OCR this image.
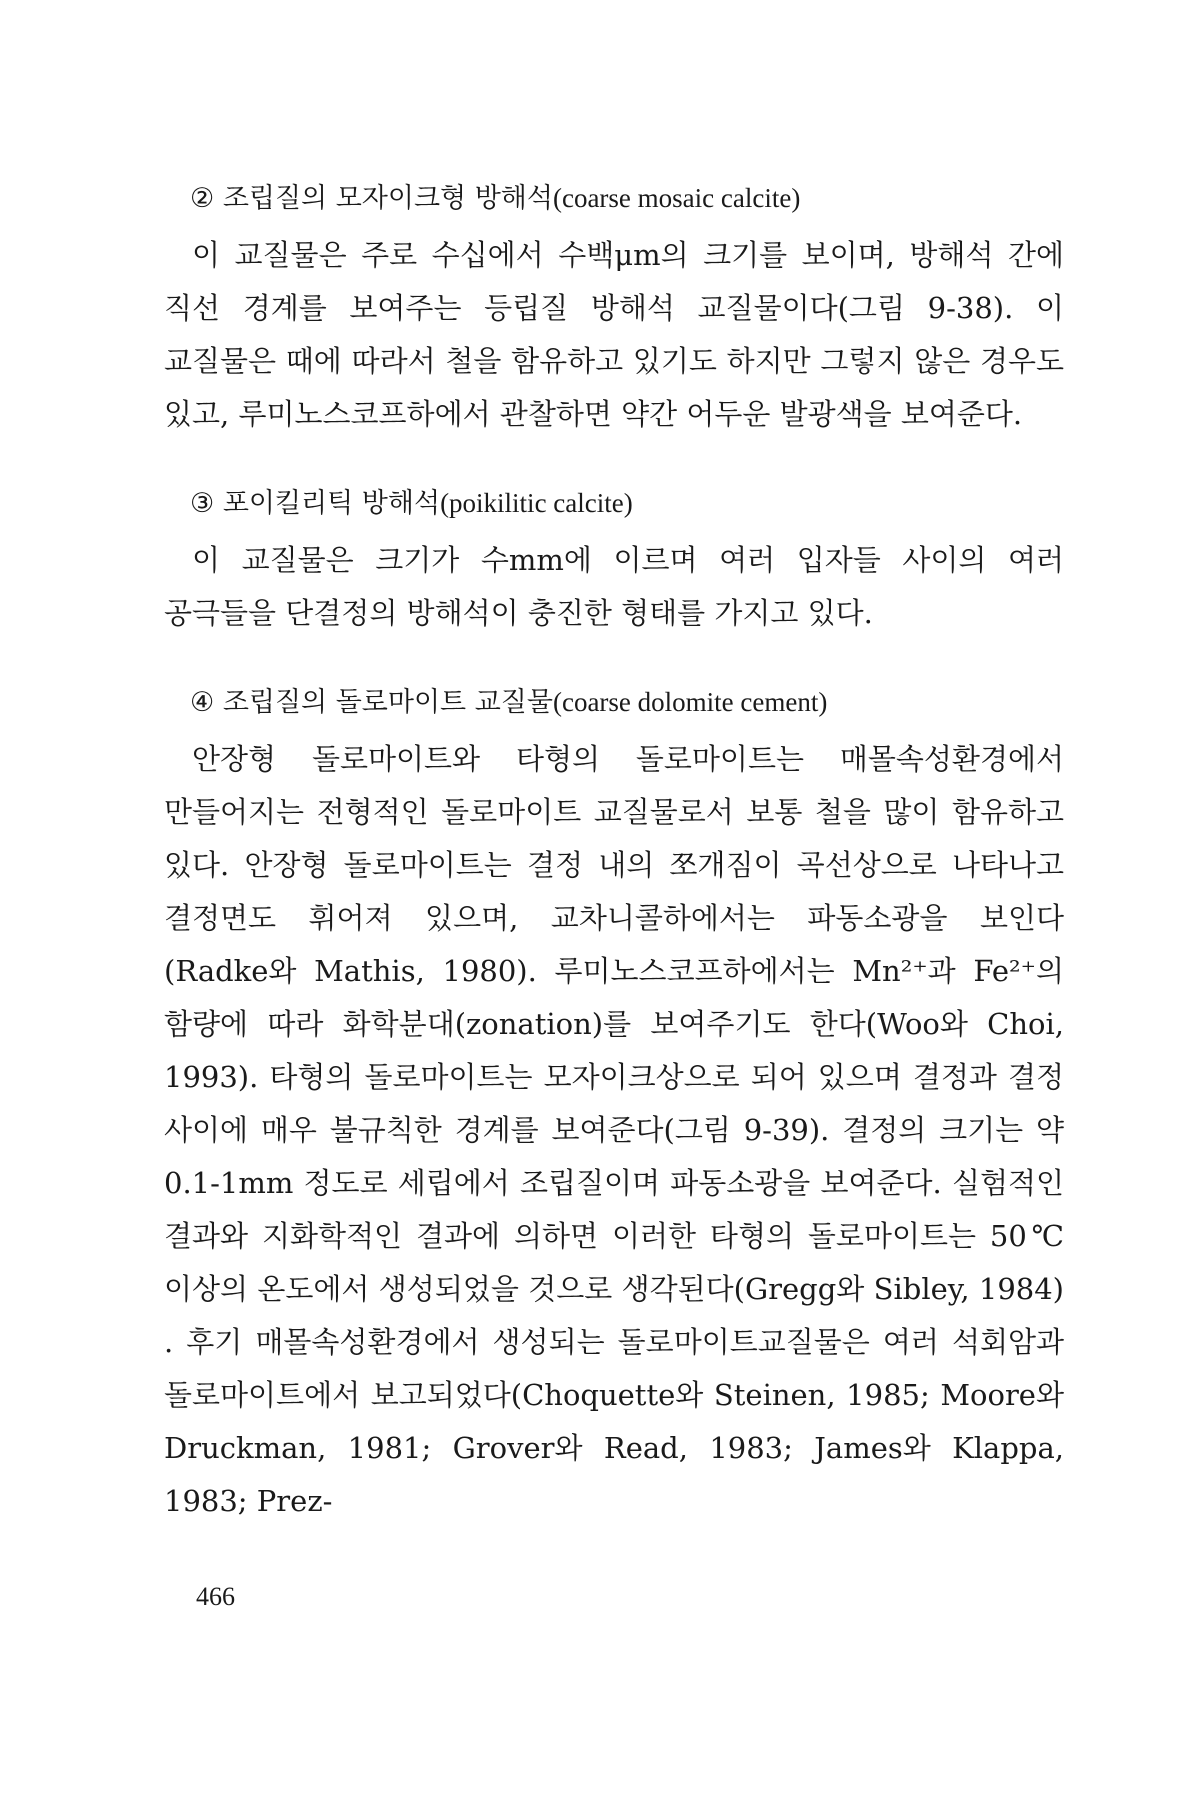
② 조립질의 모자이크형 방해석(coarse mosaic calcite)

이 교질물은 주로 수십에서 수백μm의 크기를 보이며, 방해석 간에 직선 경계를 보여주는 등립질 방해석 교질물이다(그림 9-38). 이 교질물은 때에 따라서 철을 함유하고 있기도 하지만 그렇지 않은 경우도 있고, 루미노스코프하에서 관찰하면 약간 어두운 발광색을 보여준다.

③ 포이킬리틱 방해석(poikilitic calcite)

이 교질물은 크기가 수mm에 이르며 여러 입자들 사이의 여러 공극들을 단결정의 방해석이 충진한 형태를 가지고 있다.

④ 조립질의 돌로마이트 교질물(coarse dolomite cement)

안장형 돌로마이트와 타형의 돌로마이트는 매몰속성환경에서 만들어지는 전형적인 돌로마이트 교질물로서 보통 철을 많이 함유하고 있다. 안장형 돌로마이트는 결정 내의 쪼개짐이 곡선상으로 나타나고 결정면도 휘어져 있으며, 교차니콜하에서는 파동소광을 보인다(Radke와 Mathis, 1980). 루미노스코프하에서는 Mn²⁺과 Fe²⁺의 함량에 따라 화학분대(zonation)를 보여주기도 한다(Woo와 Choi, 1993). 타형의 돌로마이트는 모자이크상으로 되어 있으며 결정과 결정 사이에 매우 불규칙한 경계를 보여준다(그림 9-39). 결정의 크기는 약 0.1-1mm 정도로 세립에서 조립질이며 파동소광을 보여준다. 실험적인 결과와 지화학적인 결과에 의하면 이러한 타형의 돌로마이트는 50℃ 이상의 온도에서 생성되었을 것으로 생각된다(Gregg와 Sibley, 1984) . 후기 매몰속성환경에서 생성되는 돌로마이트교질물은 여러 석회암과 돌로마이트에서 보고되었다(Choquette와 Steinen, 1985; Moore와 Druckman, 1981; Grover와 Read, 1983; James와 Klappa, 1983; Prez-

466
